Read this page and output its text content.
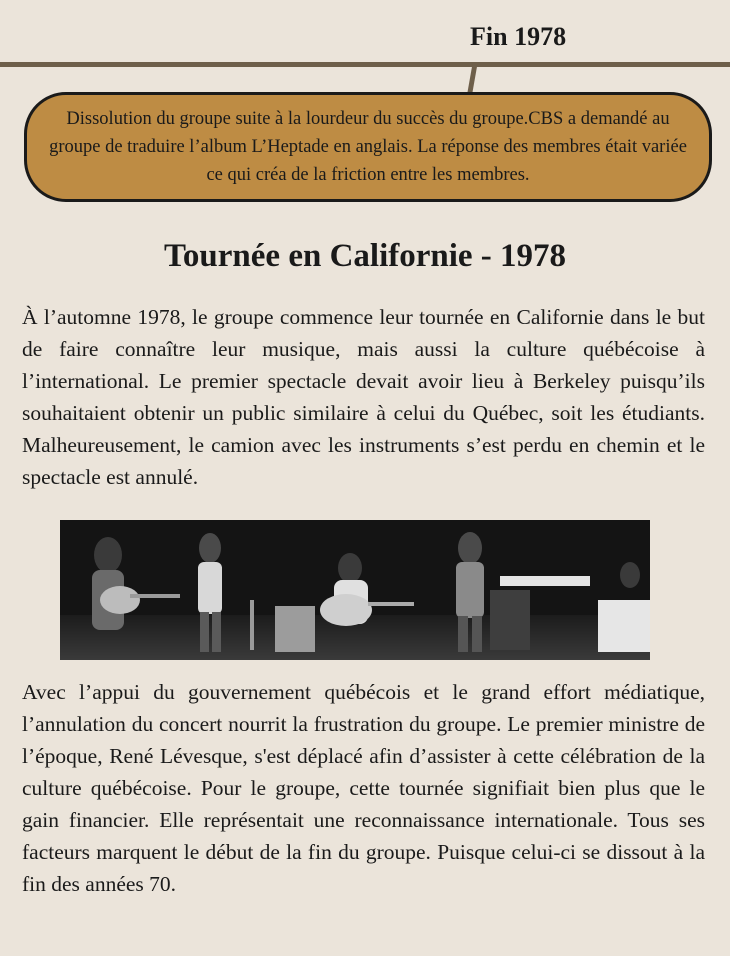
Fin 1978
Dissolution du groupe suite à la lourdeur du succès du groupe.CBS a demandé au groupe de traduire l’album L’Heptade en anglais. La réponse des membres était variée ce qui créa de la friction entre les membres.
Tournée en Californie - 1978

À l’automne 1978, le groupe commence leur tournée en Californie dans le but de faire connaître leur musique, mais aussi la culture québécoise à l’international. Le premier spectacle devait avoir lieu à Berkeley puisqu’ils souhaitaient obtenir un public similaire à celui du Québec, soit les étudiants. Malheureusement, le camion avec les instruments s’est perdu en chemin et le spectacle est annulé.

Avec l’appui du gouvernement québécois et le grand effort médiatique, l’annulation du concert nourrit la frustration du groupe. Le premier ministre de l’époque, René Lévesque, s'est déplacé afin d’assister à cette célébration de la culture québécoise. Pour le groupe, cette tournée signifiait bien plus que le gain financier. Elle représentait une reconnaissance internationale. Tous ses facteurs marquent le début de la fin du groupe. Puisque celui-ci se dissout à la fin des années 70.
